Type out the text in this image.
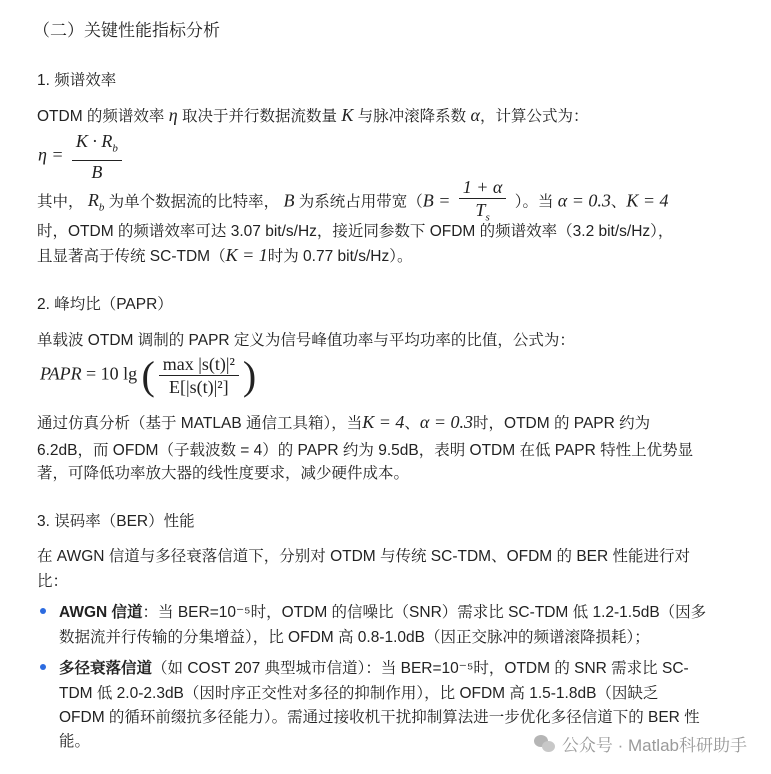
（二）关键性能指标分析
1. 频谱效率
OTDM 的频谱效率 η 取决于并行数据流数量 K 与脉冲滚降系数 α，计算公式为：
$\eta = \frac{K \cdot R_b}{B}$
其中， $R_b$ 为单个数据流的比特率， B 为系统占用带宽（$B = \frac{1 + \alpha}{T_s}$ ）。当 α = 0.3、K = 4
时，OTDM 的频谱效率可达 3.07 bit/s/Hz，接近同参数下 OFDM 的频谱效率（3.2 bit/s/Hz），
且显著高于传统 SC-TDM（K = 1时为 0.77 bit/s/Hz）。
2. 峰均比（PAPR）
单载波 OTDM 调制的 PAPR 定义为信号峰值功率与平均功率的比值，公式为：
PAPR = 10 lg ( $\frac{\text{max |s(t)|²}}{\text{E[|s(t)|²]}}$ )
通过仿真分析（基于 MATLAB 通信工具箱），当K = 4、α = 0.3时，OTDM 的 PAPR 约为
6.2dB，而 OFDM（子载波数 = 4）的 PAPR 约为 9.5dB，表明 OTDM 在低 PAPR 特性上优势显
著，可降低功率放大器的线性度要求，减少硬件成本。
3. 误码率（BER）性能
在 AWGN 信道与多径衰落信道下，分别对 OTDM 与传统 SC-TDM、OFDM 的 BER 性能进行对
比：
AWGN 信道：当 BER=10⁻⁵时，OTDM 的信噪比（SNR）需求比 SC-TDM 低 1.2-1.5dB（因多
数据流并行传输的分集增益），比 OFDM 高 0.8-1.0dB（因正交脉冲的频谱滚降损耗）；
多径衰落信道（如 COST 207 典型城市信道）：当 BER=10⁻⁵时，OTDM 的 SNR 需求比 SC-
TDM 低 2.0-2.3dB（因时序正交性对多径的抑制作用），比 OFDM 高 1.5-1.8dB（因缺乏
OFDM 的循环前缀抗多径能力）。需通过接收机干扰抑制算法进一步优化多径信道下的 BER 性
能。	公众号 · Matlab科研助手
